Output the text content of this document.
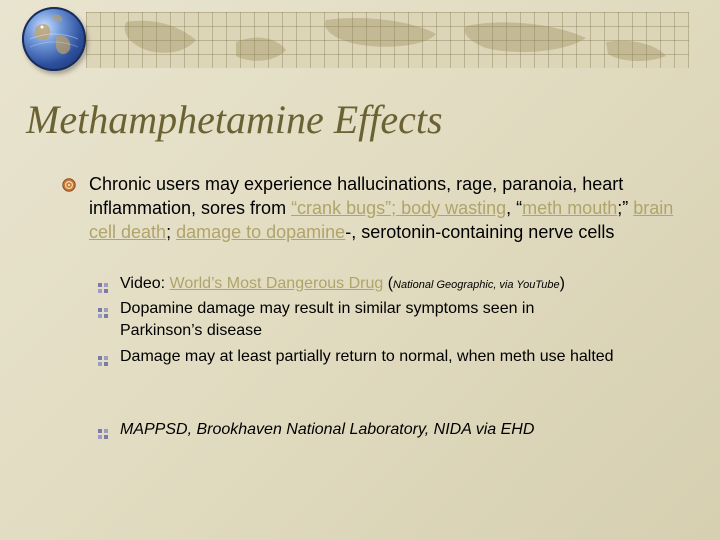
Methamphetamine Effects
Chronic users may experience hallucinations, rage, paranoia, heart inflammation, sores from “crank bugs”; body wasting, “meth mouth;” brain cell death; damage to dopamine-, serotonin-containing nerve cells
Video: World’s Most Dangerous Drug (National Geographic, via YouTube)
Dopamine damage may result in similar symptoms seen in Parkinson’s disease
Damage may at least partially return to normal, when meth use halted
MAPPSD, Brookhaven National Laboratory, NIDA via EHD
